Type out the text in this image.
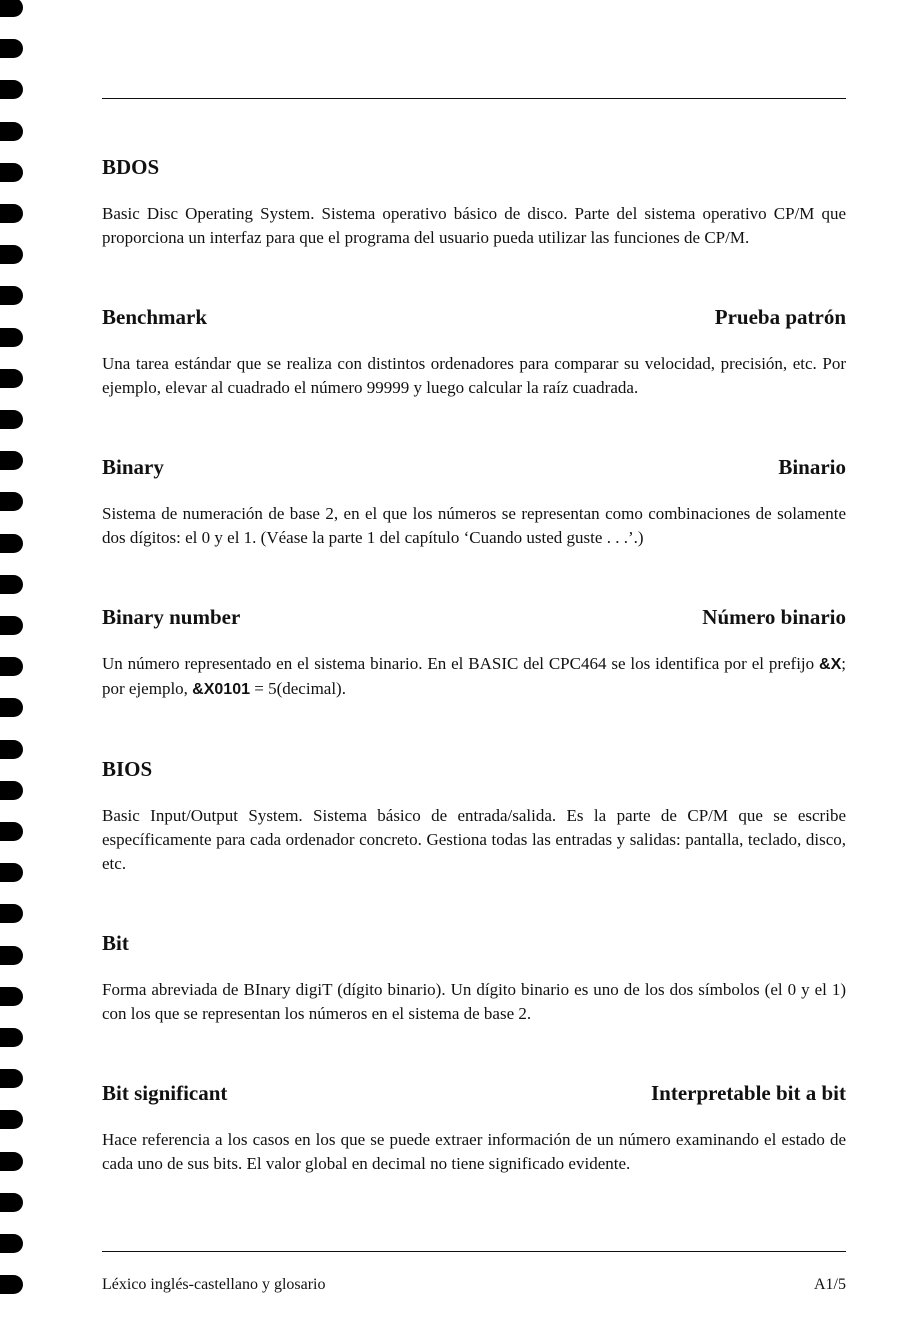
BDOS
Basic Disc Operating System. Sistema operativo básico de disco. Parte del sistema operativo CP/M que proporciona un interfaz para que el programa del usuario pueda utilizar las funciones de CP/M.
Benchmark	Prueba patrón
Una tarea estándar que se realiza con distintos ordenadores para comparar su velocidad, precisión, etc. Por ejemplo, elevar al cuadrado el número 99999 y luego calcular la raíz cuadrada.
Binary	Binario
Sistema de numeración de base 2, en el que los números se representan como combinaciones de solamente dos dígitos: el 0 y el 1. (Véase la parte 1 del capítulo ‘Cuando usted guste . . .’.)
Binary number	Número binario
Un número representado en el sistema binario. En el BASIC del CPC464 se los identifica por el prefijo &X; por ejemplo, &X0101 = 5(decimal).
BIOS
Basic Input/Output System. Sistema básico de entrada/salida. Es la parte de CP/M que se escribe específicamente para cada ordenador concreto. Gestiona todas las entradas y salidas: pantalla, teclado, disco, etc.
Bit
Forma abreviada de BInary digiT (dígito binario). Un dígito binario es uno de los dos símbolos (el 0 y el 1) con los que se representan los números en el sistema de base 2.
Bit significant	Interpretable bit a bit
Hace referencia a los casos en los que se puede extraer información de un número examinando el estado de cada uno de sus bits. El valor global en decimal no tiene significado evidente.
Léxico inglés-castellano y glosario	A1/5
